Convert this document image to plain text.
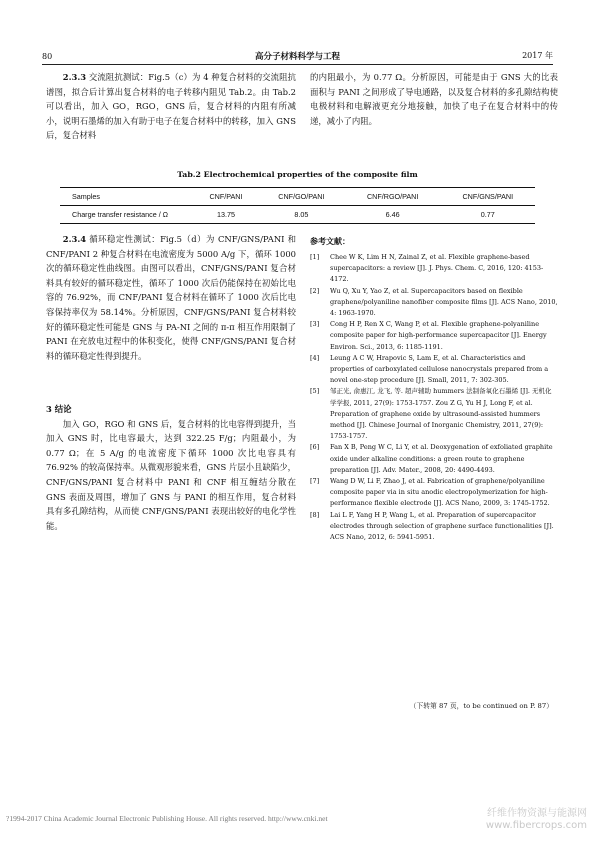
80	高分子材料科学与工程	2017 年

2.3.3 交流阻抗测试：Fig.5（c）为 4 种复合材料的交流阻抗谱图，拟合后计算出复合材料的电子转移内阻见 Tab.2。由 Tab.2 可以看出，加入 GO，RGO，GNS 后，复合材料的内阻有所减小，说明石墨烯的加入有助于电子在复合材料中的转移，加入 GNS 后，复合材料

的内阻最小，为 0.77 Ω。分析原因，可能是由于 GNS 大的比表面积与 PANI 之间形成了导电通路，以及复合材料的多孔隙结构使电极材料和电解液更充分地接触，加快了电子在复合材料中的传递，减小了内阻。

Tab.2 Electrochemical properties of the composite film
Samples	CNF/PANI	CNF/GO/PANI	CNF/RGO/PANI	CNF/GNS/PANI
Charge transfer resistance / Ω	13.75	8.05	6.46	0.77

2.3.4 循环稳定性测试：Fig.5（d）为 CNF/GNS/PANI 和 CNF/PANI 2 种复合材料在电流密度为 5000 A/g 下，循环 1000 次的循环稳定性曲线图。由图可以看出，CNF/GNS/PANI 复合材料具有较好的循环稳定性，循环了 1000 次后仍能保持在初始比电容的 76.92%，而 CNF/PANI 复合材料在循环了 1000 次后比电容保持率仅为 58.14%。分析原因，CNF/GNS/PANI 复合材料较好的循环稳定性可能是 GNS 与 PA-NI 之间的 π-π 相互作用限制了 PANI 在充放电过程中的体积变化，使得 CNF/GNS/PANI 复合材料的循环稳定性得到提升。

3 结论

加入 GO，RGO 和 GNS 后，复合材料的比电容得到提升，当加入 GNS 时，比电容最大，达到 322.25 F/g；内阻最小，为 0.77 Ω；在 5 A/g 的电流密度下循环 1000 次比电容具有 76.92% 的较高保持率。从微观形貌来看，GNS 片层小且缺陷少，CNF/GNS/PANI 复合材料中 PANI 和 CNF 相互缠结分散在 GNS 表面及周围，增加了 GNS 与 PANI 的相互作用，复合材料具有多孔隙结构，从而使 CNF/GNS/PANI 表现出较好的电化学性能。

参考文献：

[1] Chee W K, Lim H N, Zainal Z, et al. Flexible graphene-based supercapacitors: a review [J]. J. Phys. Chem. C, 2016, 120: 4153-4172.

[2] Wu Q, Xu Y, Yao Z, et al. Supercapacitors based on flexible graphene/polyaniline nanofiber composite films [J]. ACS Nano, 2010, 4: 1963-1970.

[3] Cong H P, Ren X C, Wang P, et al. Flexible graphene-polyaniline composite paper for high-performance supercapacitor [J]. Energy Environ. Sci., 2013, 6: 1185-1191.

[4] Leung A C W, Hrapovic S, Lam E, et al. Characteristics and properties of carboxylated cellulose nanocrystals prepared from a novel one-step procedure [J]. Small, 2011, 7: 302-305.

[5] 邹正光, 俞惠江, 龙飞, 等. 超声辅助 hummers 法制备氧化石墨烯 [J]. 无机化学学报, 2011, 27(9): 1753-1757. Zou Z G, Yu H J, Long F, et al. Preparation of graphene oxide by ultrasound-assisted hummers method [J]. Chinese Journal of Inorganic Chemistry, 2011, 27(9): 1753-1757.

[6] Fan X B, Peng W C, Li Y, et al. Deoxygenation of exfoliated graphite oxide under alkaline conditions: a green route to graphene preparation [J]. Adv. Mater., 2008, 20: 4490-4493.

[7] Wang D W, Li F, Zhao J, et al. Fabrication of graphene/polyaniline composite paper via in situ anodic electropolymerization for high-performance flexible electrode [J]. ACS Nano, 2009, 3: 1745-1752.

[8] Lai L F, Yang H P, Wang L, et al. Preparation of supercapacitor electrodes through selection of graphene surface functionalities [J]. ACS Nano, 2012, 6: 5941-5951.

（下转第 87 页，to be continued on P. 87）
?1994-2017 China Academic Journal Electronic Publishing House. All rights reserved. http://www.cnki.net	纤维作物资源与能源网
www.fibercrops.com
